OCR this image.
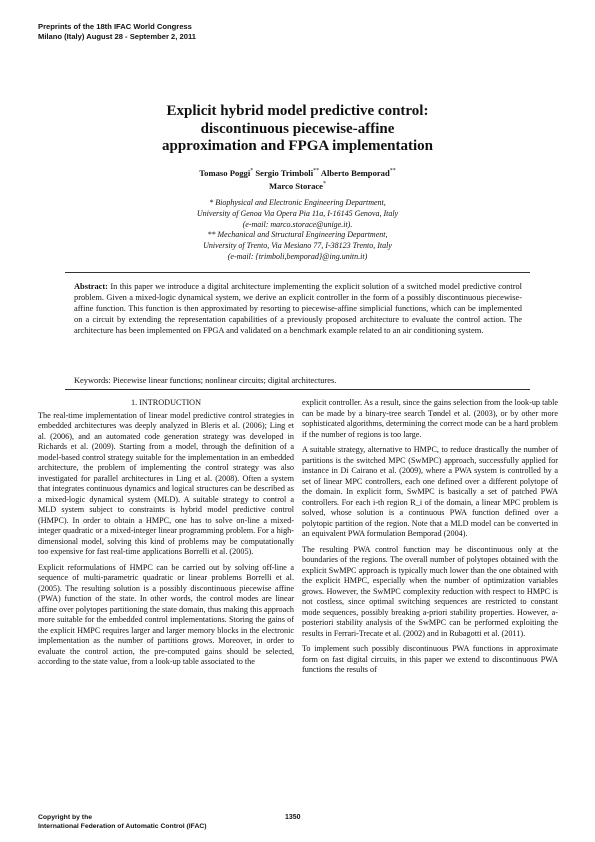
Preprints of the 18th IFAC World Congress
Milano (Italy) August 28 - September 2, 2011
Explicit hybrid model predictive control:
discontinuous piecewise-affine
approximation and FPGA implementation
Tomaso Poggi* Sergio Trimboli** Alberto Bemporad**
Marco Storace*
* Biophysical and Electronic Engineering Department,
University of Genoa Via Opera Pia 11a, I-16145 Genova, Italy
(e-mail: marco.storace@unige.it).
** Mechanical and Structural Engineering Department,
University of Trento, Via Mesiano 77, I-38123 Trento, Italy
(e-mail: {trimboli,bemporad}@ing.unitn.it)
Abstract: In this paper we introduce a digital architecture implementing the explicit solution of a switched model predictive control problem. Given a mixed-logic dynamical system, we derive an explicit controller in the form of a possibly discontinuous piecewise-affine function. This function is then approximated by resorting to piecewise-affine simplicial functions, which can be implemented on a circuit by extending the representation capabilities of a previously proposed architecture to evaluate the control action. The architecture has been implemented on FPGA and validated on a benchmark example related to an air conditioning system.
Keywords: Piecewise linear functions; nonlinear circuits; digital architectures.
1. INTRODUCTION

The real-time implementation of linear model predictive control strategies in embedded architectures was deeply analyzed in Bleris et al. (2006); Ling et al. (2006), and an automated code generation strategy was developed in Richards et al. (2009). Starting from a model, through the definition of a model-based control strategy suitable for the implementation in an embedded architecture, the problem of implementing the control strategy was also investigated for parallel architectures in Ling et al. (2008). Often a system that integrates continuous dynamics and logical structures can be described as a mixed-logic dynamical system (MLD). A suitable strategy to control a MLD system subject to constraints is hybrid model predictive control (HMPC). In order to obtain a HMPC, one has to solve on-line a mixed-integer quadratic or a mixed-integer linear programming problem. For a high-dimensional model, solving this kind of problems may be computationally too expensive for fast real-time applications Borrelli et al. (2005).

Explicit reformulations of HMPC can be carried out by solving off-line a sequence of multi-parametric quadratic or linear problems Borrelli et al. (2005). The resulting solution is a possibly discontinuous piecewise affine (PWA) function of the state. In other words, the control modes are linear affine over polytopes partitioning the state domain, thus making this approach more suitable for the embedded control implementations. Storing the gains of the explicit HMPC requires larger and larger memory blocks in the electronic implementation as the number of partitions grows. Moreover, in order to evaluate the control action, the pre-computed gains should be selected, according to the state value, from a look-up table associated to the

explicit controller. As a result, since the gains selection from the look-up table can be made by a binary-tree search Tøndel et al. (2003), or by other more sophisticated algorithms, determining the correct mode can be a hard problem if the number of regions is too large.

A suitable strategy, alternative to HMPC, to reduce drastically the number of partitions is the switched MPC (SwMPC) approach, successfully applied for instance in Di Cairano et al. (2009), where a PWA system is controlled by a set of linear MPC controllers, each one defined over a different polytope of the domain. In explicit form, SwMPC is basically a set of patched PWA controllers. For each i-th region R_i of the domain, a linear MPC problem is solved, whose solution is a continuous PWA function defined over a polytopic partition of the region. Note that a MLD model can be converted in an equivalent PWA formulation Bemporad (2004).

The resulting PWA control function may be discontinuous only at the boundaries of the regions. The overall number of polytopes obtained with the explicit SwMPC approach is typically much lower than the one obtained with the explicit HMPC, especially when the number of optimization variables grows. However, the SwMPC complexity reduction with respect to HMPC is not costless, since optimal switching sequences are restricted to constant mode sequences, possibly breaking a-priori stability properties. However, a-posteriori stability analysis of the SwMPC can be performed exploiting the results in Ferrari-Trecate et al. (2002) and in Rubagotti et al. (2011).

To implement such possibly discontinuous PWA functions in approximate form on fast digital circuits, in this paper we extend to discontinuous PWA functions the results of

Copyright by the
International Federation of Automatic Control (IFAC)
1350
